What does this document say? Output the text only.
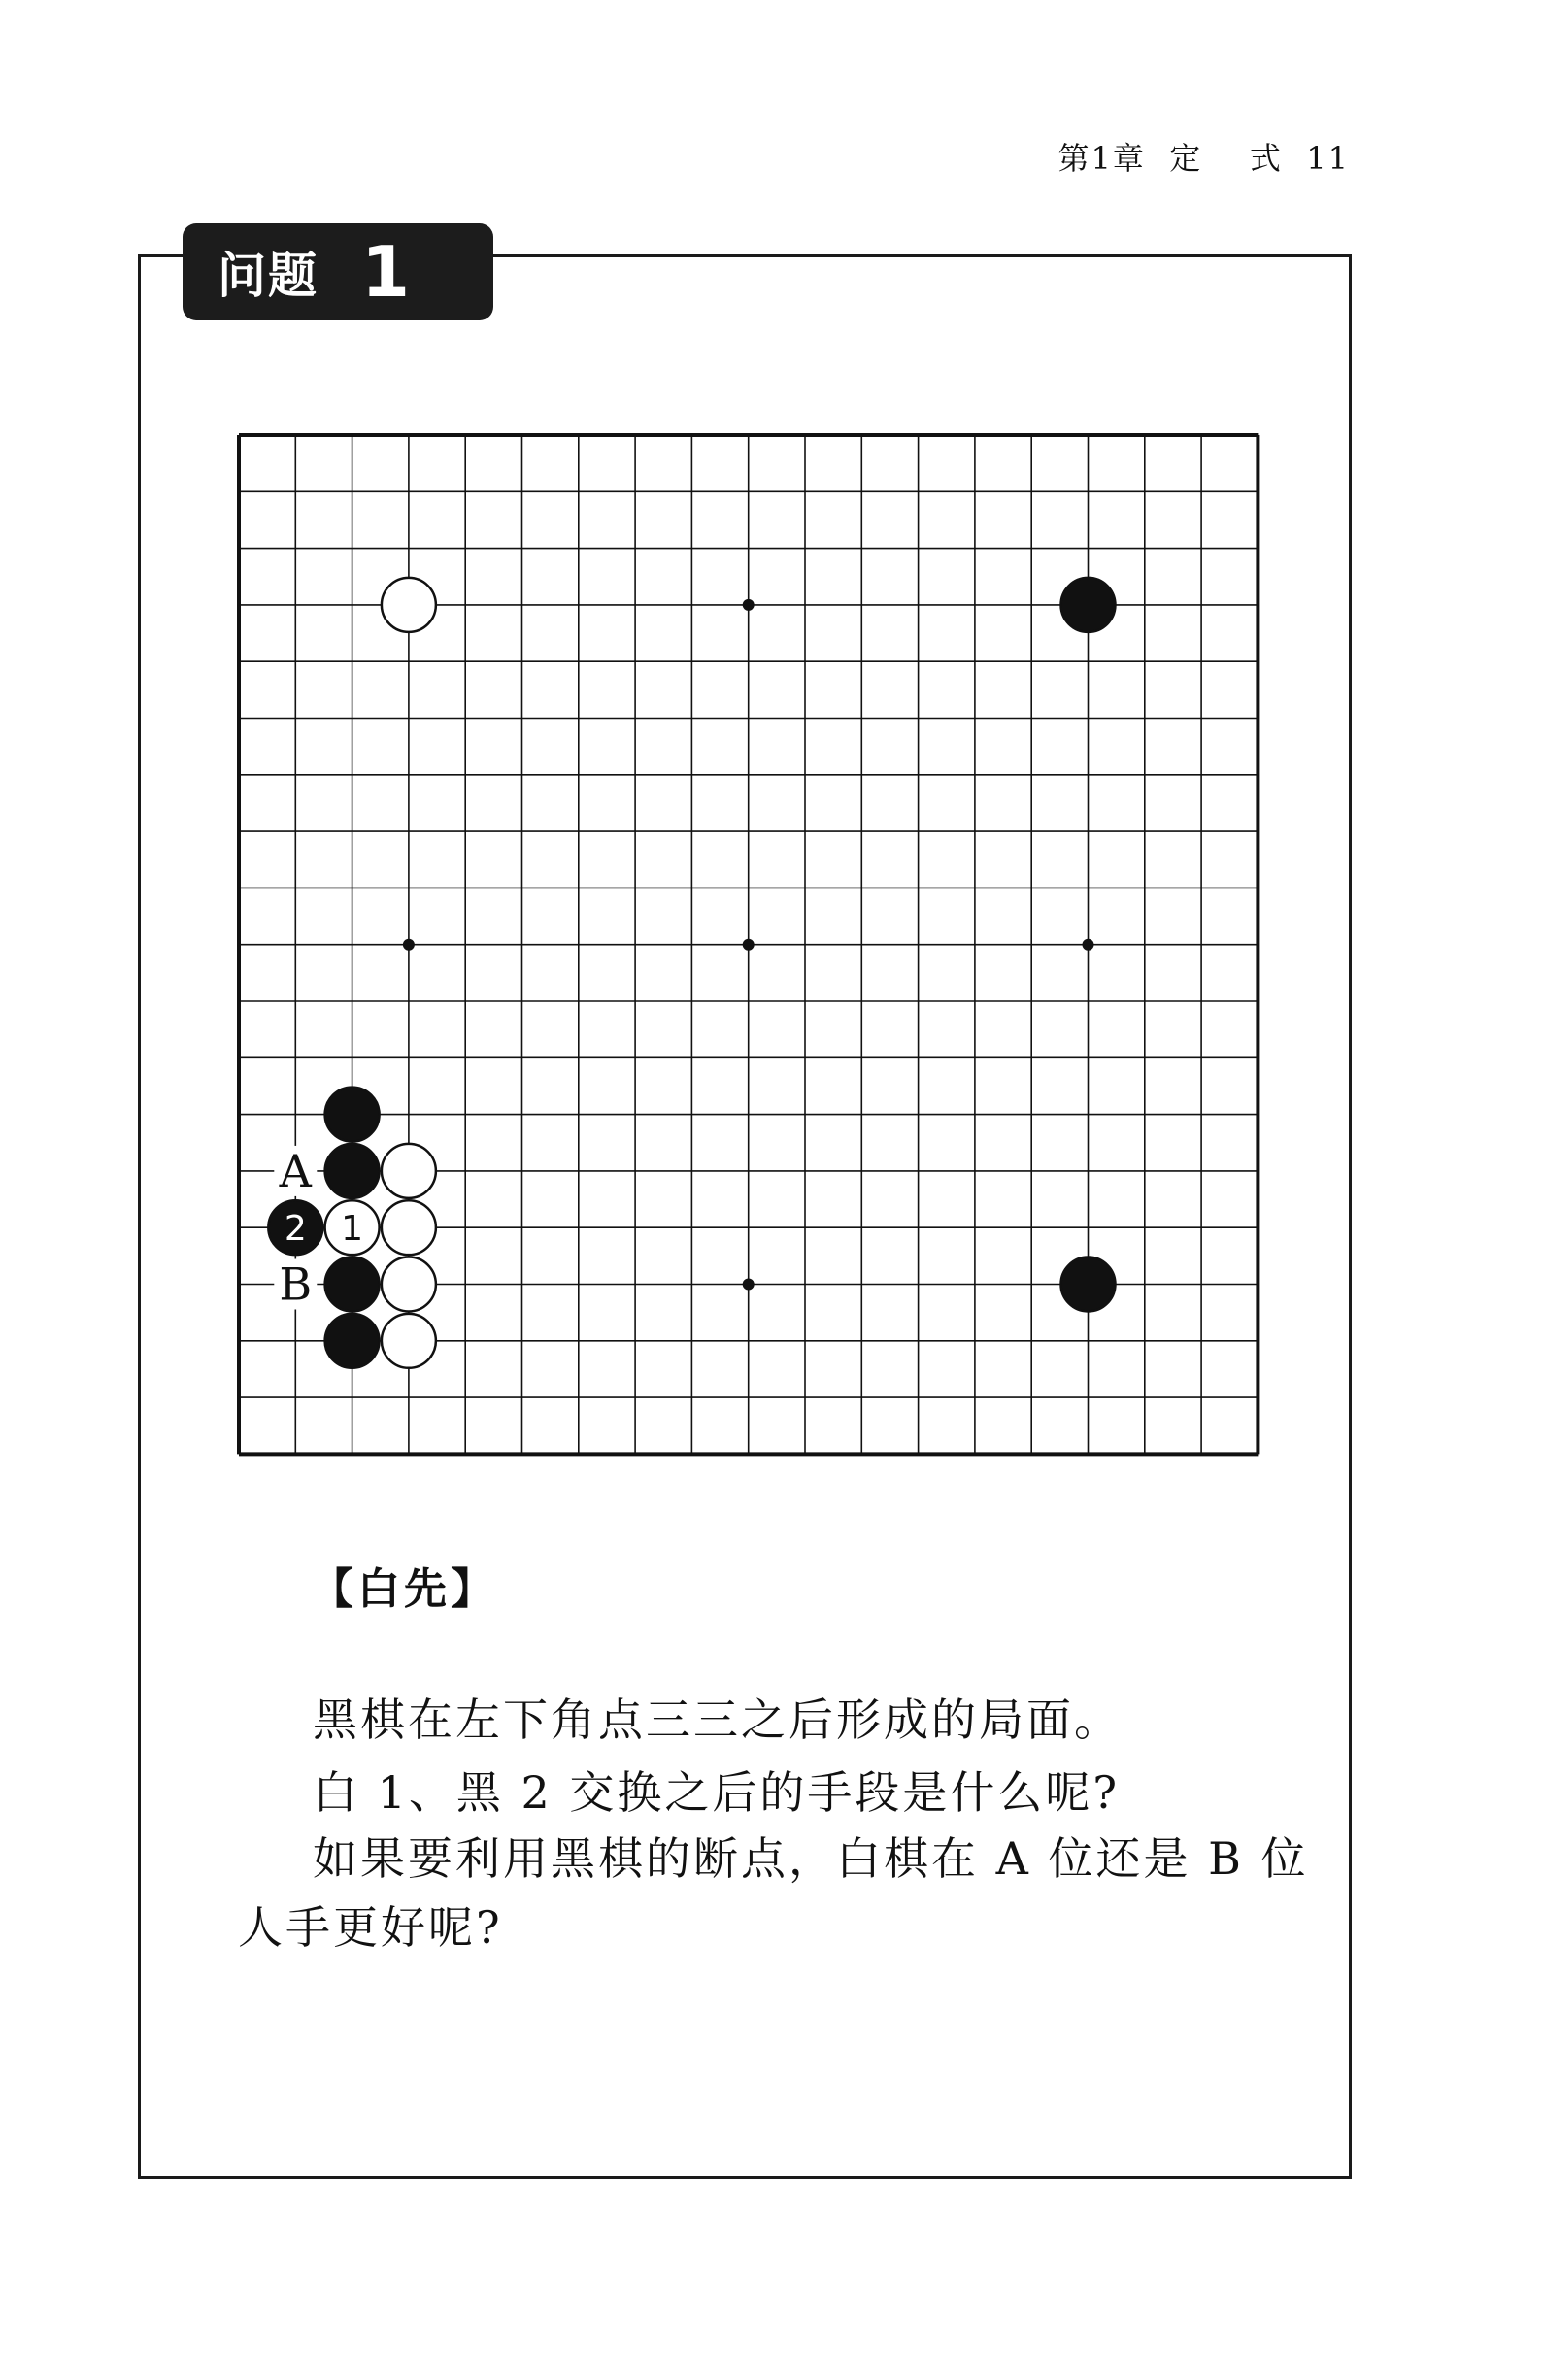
第1章  定    式  11
问题 1
A
B
2 1
【白先】
黑棋在左下角点三三之后形成的局面。
白 1、黑 2 交换之后的手段是什么呢?
如果要利用黑棋的断点，白棋在 A 位还是 B 位
人手更好呢?
